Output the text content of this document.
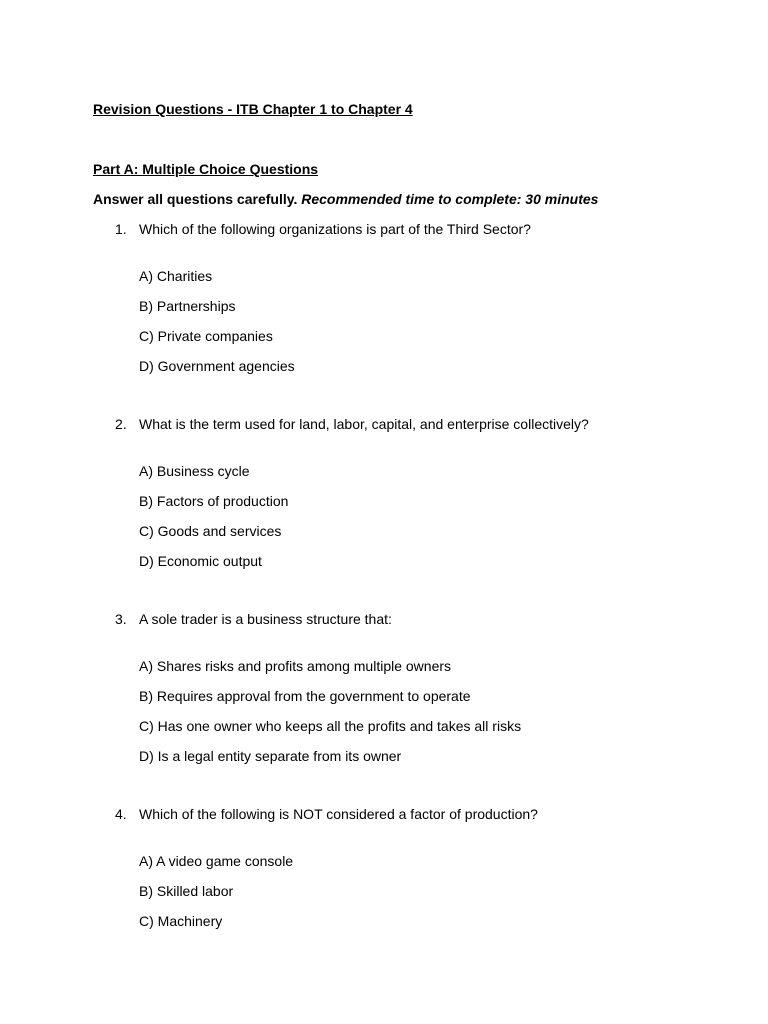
Revision Questions - ITB Chapter 1 to Chapter 4
Part A: Multiple Choice Questions
Answer all questions carefully. Recommended time to complete: 30 minutes
1. Which of the following organizations is part of the Third Sector?
A) Charities
B) Partnerships
C) Private companies
D) Government agencies
2. What is the term used for land, labor, capital, and enterprise collectively?
A) Business cycle
B) Factors of production
C) Goods and services
D) Economic output
3. A sole trader is a business structure that:
A) Shares risks and profits among multiple owners
B) Requires approval from the government to operate
C) Has one owner who keeps all the profits and takes all risks
D) Is a legal entity separate from its owner
4. Which of the following is NOT considered a factor of production?
A) A video game console
B) Skilled labor
C) Machinery
